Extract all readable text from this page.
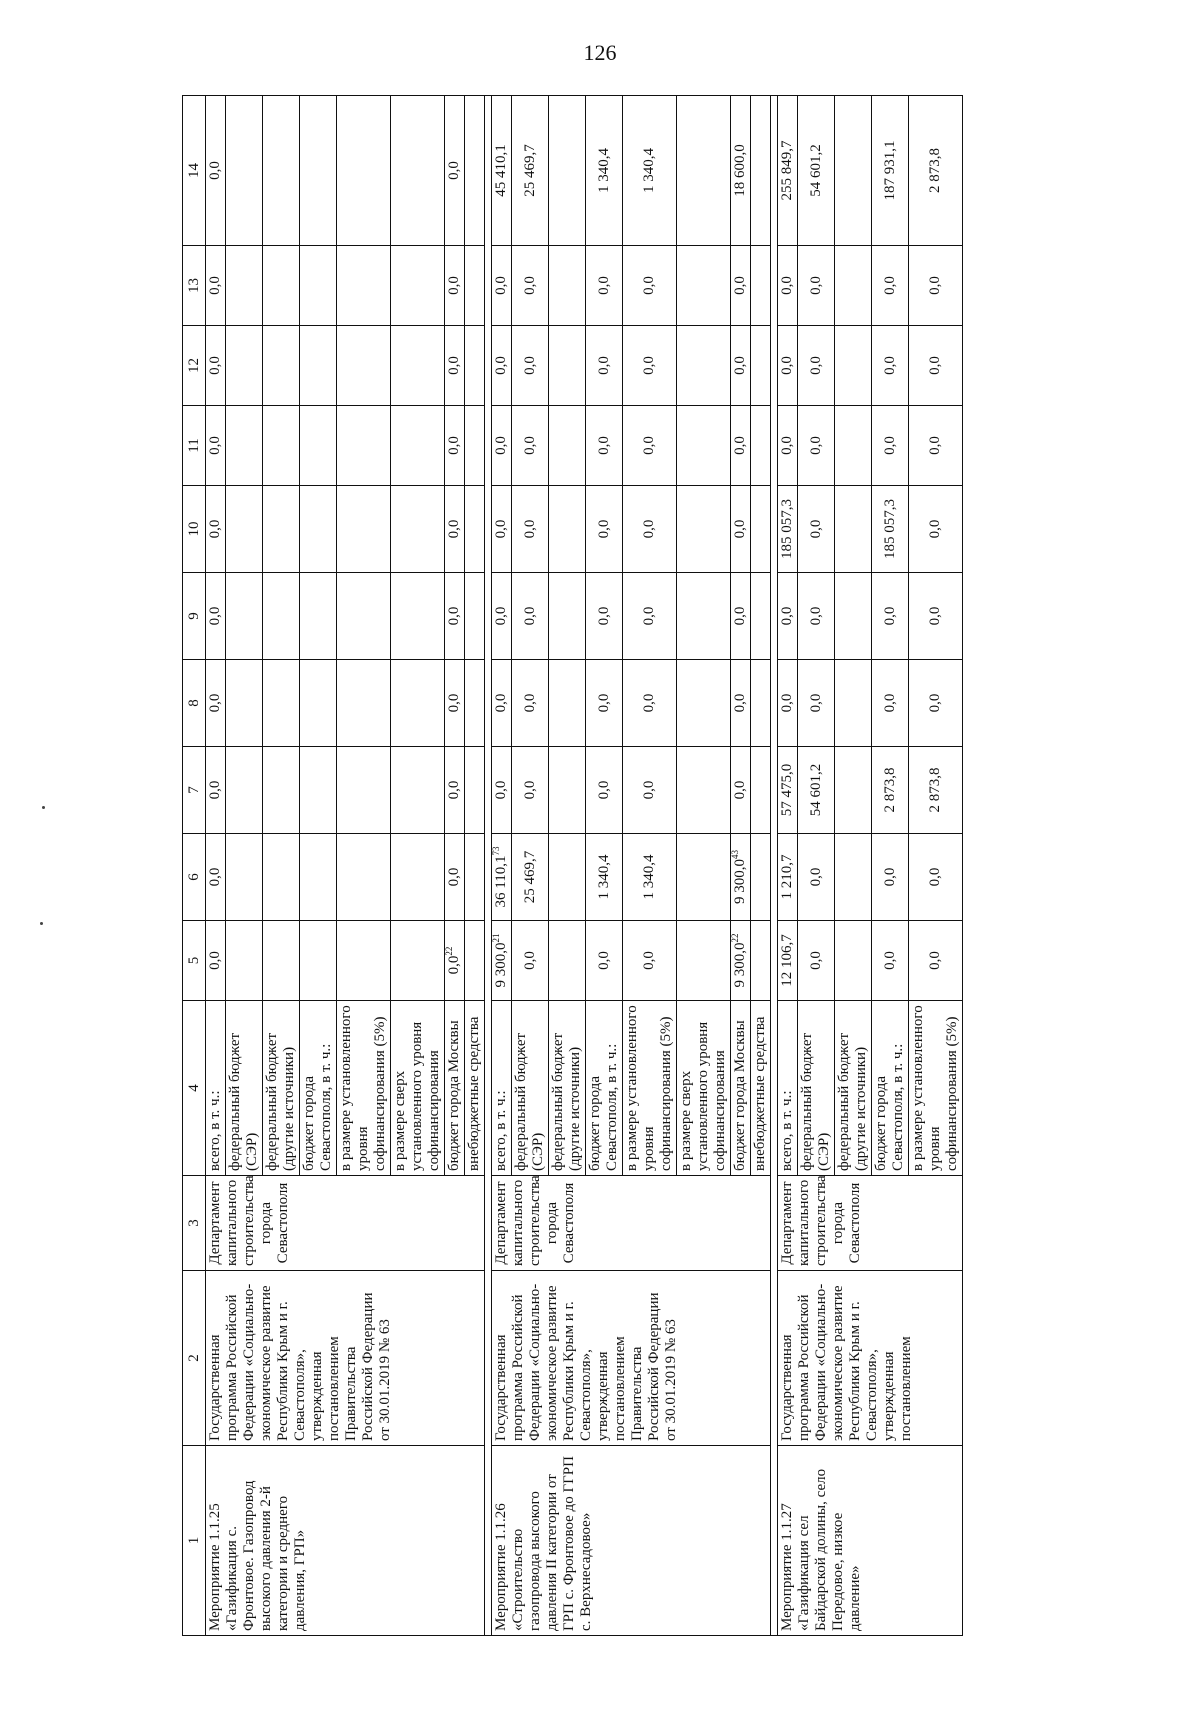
126
1	2	3	4	5	6	7	8	9	10	11	12	13	14
Мероприятие 1.1.25 «Газификация с. Фронтовое. Газопровод высокого давления 2-й категории и среднего давления, ГРП»	Государственная программа Российской Федерации «Социально-экономическое развитие Республики Крым и г. Севастополя», утвержденная постановлением Правительства Российской Федерации от 30.01.2019 № 63	Департамент капитального строительства города Севастополя	всего, в т. ч.:	0,0	0,0	0,0	0,0	0,0	0,0	0,0	0,0	0,0	0,0
			федеральный бюджет (СЭР)										
			федеральный бюджет (другие источники)										
			бюджет города Севастополя, в т. ч.:										
			в размере установленного уровня софинансирования (5%)										
			в размере сверх установленного уровня софинансирования										
			бюджет города Москвы	$0,0^{22}$	0,0	0,0	0,0	0,0	0,0	0,0	0,0	0,0	0,0
			внебюджетные средства										

Мероприятие 1.1.26 «Строительство газопровода высокого давления II категории от ГРП с. Фронтовое до ГГРП с. Верхнесадовое»	Государственная программа Российской Федерации «Социально-экономическое развитие Республики Крым и г. Севастополя», утвержденная постановлением Правительства Российской Федерации от 30.01.2019 № 63	Департамент капитального строительства города Севастополя	всего, в т. ч.:	9 300,0$^{21}$	36 110,1$^{73}$	0,0	0,0	0,0	0,0	0,0	0,0	0,0	45 410,1
			федеральный бюджет (СЭР)	0,0	25 469,7	0,0	0,0	0,0	0,0	0,0	0,0	0,0	25 469,7
			федеральный бюджет (другие источники)										
			бюджет города Севастополя, в т. ч.:	0,0	1 340,4	0,0	0,0	0,0	0,0	0,0	0,0	0,0	1 340,4
			в размере установленного уровня софинансирования (5%)	0,0	1 340,4	0,0	0,0	0,0	0,0	0,0	0,0	0,0	1 340,4
			в размере сверх установленного уровня софинансирования										
			бюджет города Москвы	9 300,0$^{22}$	9 300,0$^{43}$	0,0	0,0	0,0	0,0	0,0	0,0	0,0	18 600,0
			внебюджетные средства										

Мероприятие 1.1.27 «Газификация сел Байдарской долины, село Передовое, низкое давление»	Государственная программа Российской Федерации «Социально-экономическое развитие Республики Крым и г. Севастополя», утвержденная постановлением	Департамент капитального строительства города Севастополя	всего, в т. ч.:	12 106,7	1 210,7	57 475,0	0,0	0,0	185 057,3	0,0	0,0	0,0	255 849,7
			федеральный бюджет (СЭР)	0,0	0,0	54 601,2	0,0	0,0	0,0	0,0	0,0	0,0	54 601,2
			федеральный бюджет (другие источники)										
			бюджет города Севастополя, в т. ч.:	0,0	0,0	2 873,8	0,0	0,0	185 057,3	0,0	0,0	0,0	187 931,1
			в размере установленного уровня софинансирования (5%)	0,0	0,0	2 873,8	0,0	0,0	0,0	0,0	0,0	0,0	2 873,8
